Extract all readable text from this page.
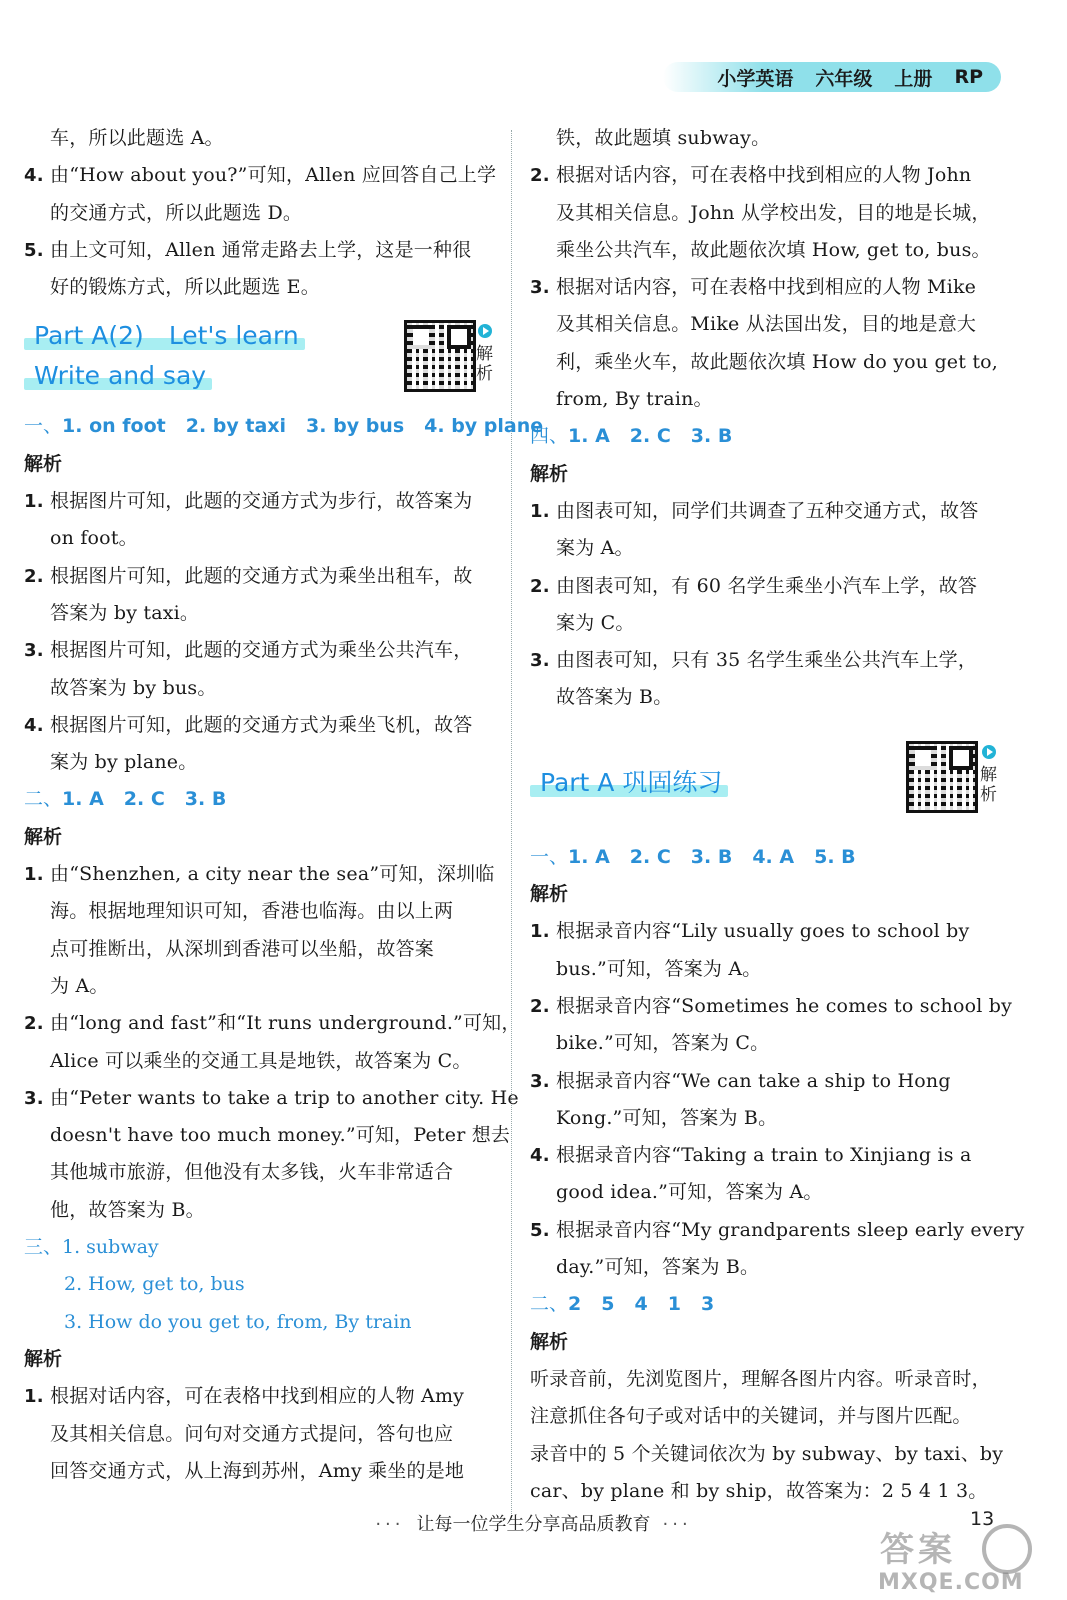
小学英语 六年级 上册 RP
车，所以此题选 A。
4. 由“How about you?”可知，Allen 应回答自己上学
的交通方式，所以此题选 D。
5. 由上文可知，Allen 通常走路去上学，这是一种很
好的锻炼方式，所以此题选 E。
Part A(2)　Let's learn
Write and say
解析
一、1. on foot 2. by taxi 3. by bus 4. by plane
解析
1. 根据图片可知，此题的交通方式为步行，故答案为
on foot。
2. 根据图片可知，此题的交通方式为乘坐出租车，故
答案为 by taxi。
3. 根据图片可知，此题的交通方式为乘坐公共汽车，
故答案为 by bus。
4. 根据图片可知，此题的交通方式为乘坐飞机，故答
案为 by plane。
二、1. A 2. C 3. B
解析
1. 由“Shenzhen, a city near the sea”可知，深圳临
海。根据地理知识可知，香港也临海。由以上两
点可推断出，从深圳到香港可以坐船，故答案
为 A。
2. 由“long and fast”和“It runs underground.”可知，
Alice 可以乘坐的交通工具是地铁，故答案为 C。
3. 由“Peter wants to take a trip to another city. He
doesn't have too much money.”可知，Peter 想去
其他城市旅游，但他没有太多钱，火车非常适合
他，故答案为 B。
三、1. subway
2. How, get to, bus
3. How do you get to, from, By train
解析
1. 根据对话内容，可在表格中找到相应的人物 Amy
及其相关信息。问句对交通方式提问，答句也应
回答交通方式，从上海到苏州，Amy 乘坐的是地
铁，故此题填 subway。
2. 根据对话内容，可在表格中找到相应的人物 John
及其相关信息。John 从学校出发，目的地是长城，
乘坐公共汽车，故此题依次填 How, get to, bus。
3. 根据对话内容，可在表格中找到相应的人物 Mike
及其相关信息。Mike 从法国出发，目的地是意大
利，乘坐火车，故此题依次填 How do you get to,
from, By train。
四、1. A 2. C 3. B
解析
1. 由图表可知，同学们共调查了五种交通方式，故答
案为 A。
2. 由图表可知，有 60 名学生乘坐小汽车上学，故答
案为 C。
3. 由图表可知，只有 35 名学生乘坐公共汽车上学，
故答案为 B。
Part A 巩固练习	解析
一、1. A 2. C 3. B 4. A 5. B
解析
1. 根据录音内容“Lily usually goes to school by
bus.”可知，答案为 A。
2. 根据录音内容“Sometimes he comes to school by
bike.”可知，答案为 C。
3. 根据录音内容“We can take a ship to Hong
Kong.”可知，答案为 B。
4. 根据录音内容“Taking a train to Xinjiang is a
good idea.”可知，答案为 A。
5. 根据录音内容“My grandparents sleep early every
day.”可知，答案为 B。
二、2 5 4 1 3
解析
听录音前，先浏览图片，理解各图片内容。听录音时，
注意抓住各句子或对话中的关键词，并与图片匹配。
录音中的 5 个关键词依次为 by subway、by taxi、by
car、by plane 和 by ship，故答案为：2 5 4 1 3。
··· 让每一位学生分享高品质教育 ···	13
答案
MXQE.COM
